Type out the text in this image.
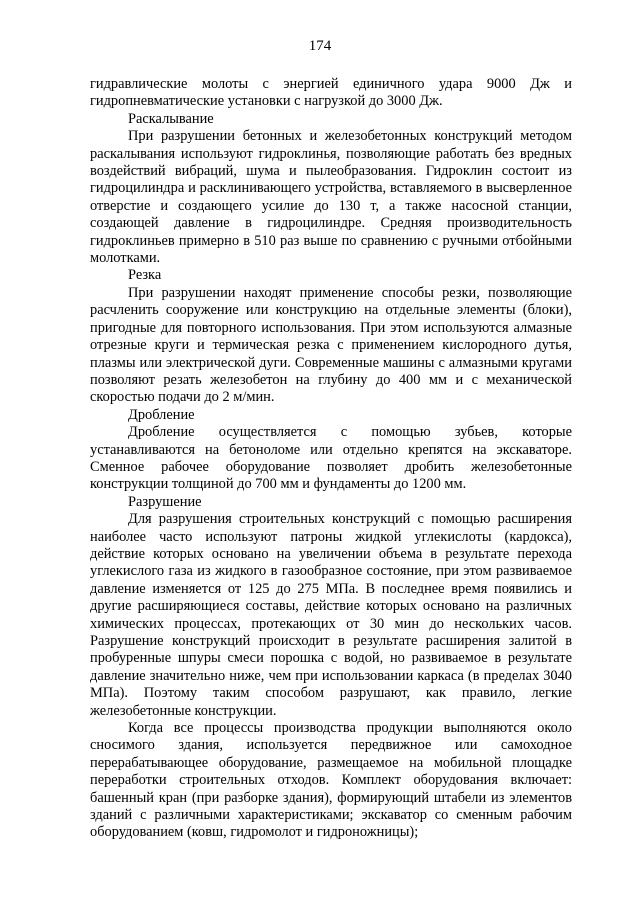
174

гидравлические молоты с энергией единичного удара 9000 Дж и гидропневматические установки с нагрузкой до 3000 Дж.

Раскалывание

При разрушении бетонных и железобетонных конструкций методом раскалывания используют гидроклинья, позволяющие работать без вредных воздействий вибраций, шума и пылеобразования. Гидроклин состоит из гидроцилиндра и расклинивающего устройства, вставляемого в высверленное отверстие и создающего усилие до 130 т, а также насосной станции, создающей давление в гидроцилиндре. Средняя производительность гидроклиньев примерно в 510 раз выше по сравнению с ручными отбойными молотками.

Резка

При разрушении находят применение способы резки, позволяющие расчленить сооружение или конструкцию на отдельные элементы (блоки), пригодные для повторного использования. При этом используются алмазные отрезные круги и термическая резка с применением кислородного дутья, плазмы или электрической дуги. Современные машины с алмазными кругами позволяют резать железобетон на глубину до 400 мм и с механической скоростью подачи до 2 м/мин.

Дробление

Дробление осуществляется с помощью зубьев, которые устанавливаются на бетоноломе или отдельно крепятся на экскаваторе. Сменное рабочее оборудование позволяет дробить железобетонные конструкции толщиной до 700 мм и фундаменты до 1200 мм.

Разрушение

Для разрушения строительных конструкций с помощью расширения наиболее часто используют патроны жидкой углекислоты (кардокса), действие которых основано на увеличении объема в результате перехода углекислого газа из жидкого в газообразное состояние, при этом развиваемое давление изменяется от 125 до 275 МПа. В последнее время появились и другие расширяющиеся составы, действие которых основано на различных химических процессах, протекающих от 30 мин до нескольких часов. Разрушение конструкций происходит в результате расширения залитой в пробуренные шпуры смеси порошка с водой, но развиваемое в результате давление значительно ниже, чем при использовании каркаса (в пределах 3040 МПа). Поэтому таким способом разрушают, как правило, легкие железобетонные конструкции.

Когда все процессы производства продукции выполняются около сносимого здания, используется передвижное или самоходное перерабатывающее оборудование, размещаемое на мобильной площадке переработки строительных отходов. Комплект оборудования включает: башенный кран (при разборке здания), формирующий штабели из элементов зданий с различными характеристиками; экскаватор со сменным рабочим оборудованием (ковш, гидромолот и гидроножницы);
